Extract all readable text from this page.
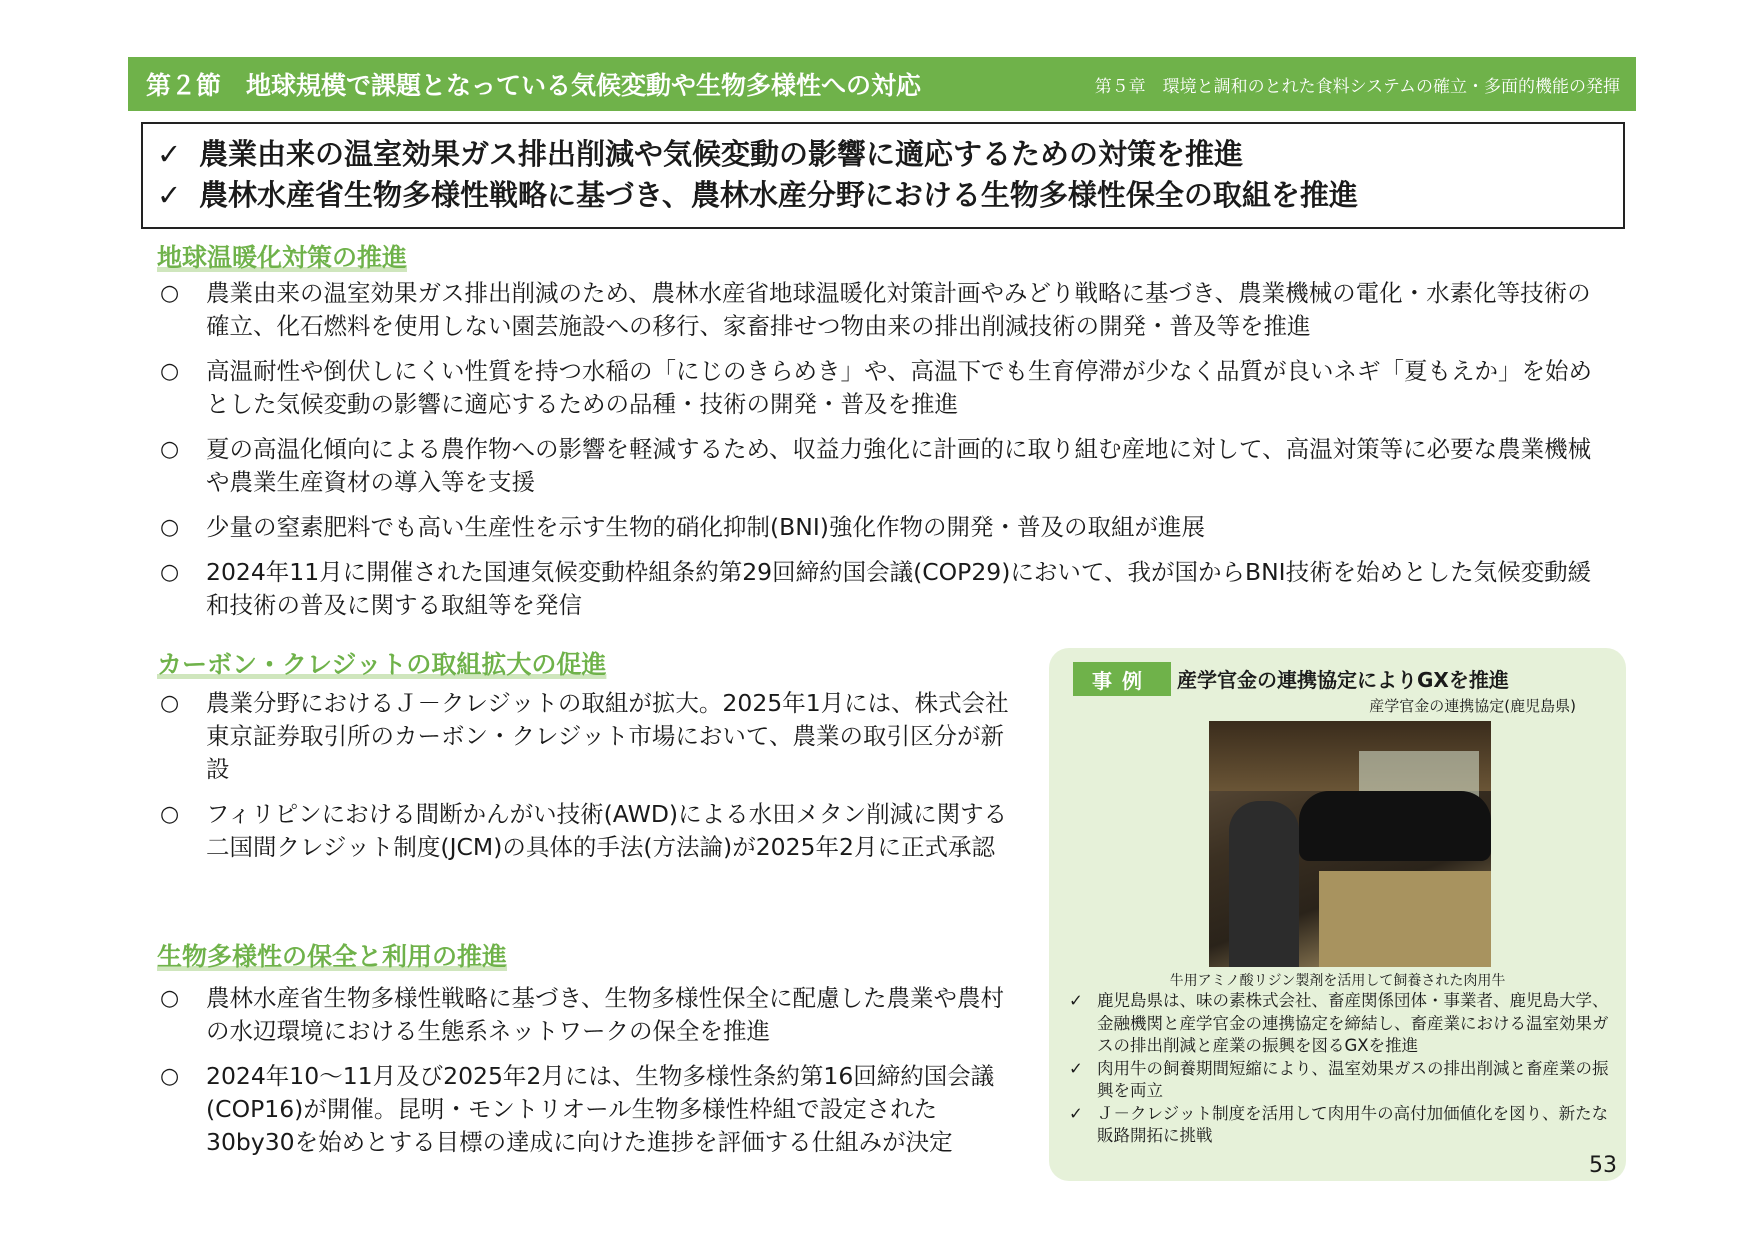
第２節　地球規模で課題となっている気候変動や生物多様性への対応	第５章　環境と調和のとれた食料システムの確立・多面的機能の発揮
✓ 農業由来の温室効果ガス排出削減や気候変動の影響に適応するための対策を推進
✓ 農林水産省生物多様性戦略に基づき、農林水産分野における生物多様性保全の取組を推進
地球温暖化対策の推進
○ 農業由来の温室効果ガス排出削減のため、農林水産省地球温暖化対策計画やみどり戦略に基づき、農業機械の電化・水素化等技術の確立、化石燃料を使用しない園芸施設への移行、家畜排せつ物由来の排出削減技術の開発・普及等を推進
○ 高温耐性や倒伏しにくい性質を持つ水稲の「にじのきらめき」や、高温下でも生育停滞が少なく品質が良いネギ「夏もえか」を始めとした気候変動の影響に適応するための品種・技術の開発・普及を推進
○ 夏の高温化傾向による農作物への影響を軽減するため、収益力強化に計画的に取り組む産地に対して、高温対策等に必要な農業機械や農業生産資材の導入等を支援
○ 少量の窒素肥料でも高い生産性を示す生物的硝化抑制(BNI)強化作物の開発・普及の取組が進展
○ 2024年11月に開催された国連気候変動枠組条約第29回締約国会議(COP29)において、我が国からBNI技術を始めとした気候変動緩和技術の普及に関する取組等を発信
カーボン・クレジットの取組拡大の促進
○ 農業分野におけるＪ－クレジットの取組が拡大。2025年1月には、株式会社東京証券取引所のカーボン・クレジット市場において、農業の取引区分が新設
○ フィリピンにおける間断かんがい技術(AWD)による水田メタン削減に関する二国間クレジット制度(JCM)の具体的手法(方法論)が2025年2月に正式承認
生物多様性の保全と利用の推進
○ 農林水産省生物多様性戦略に基づき、生物多様性保全に配慮した農業や農村の水辺環境における生態系ネットワークの保全を推進
○ 2024年10～11月及び2025年2月には、生物多様性条約第16回締約国会議(COP16)が開催。昆明・モントリオール生物多様性枠組で設定された30by30を始めとする目標の達成に向けた進捗を評価する仕組みが決定
事例	産学官金の連携協定によりGXを推進
産学官金の連携協定(鹿児島県)
牛用アミノ酸リジン製剤を活用して飼養された肉用牛
✓ 鹿児島県は、味の素株式会社、畜産関係団体・事業者、鹿児島大学、金融機関と産学官金の連携協定を締結し、畜産業における温室効果ガスの排出削減と産業の振興を図るGXを推進
✓ 肉用牛の飼養期間短縮により、温室効果ガスの排出削減と畜産業の振興を両立
✓ Ｊ－クレジット制度を活用して肉用牛の高付加価値化を図り、新たな販路開拓に挑戦
53
